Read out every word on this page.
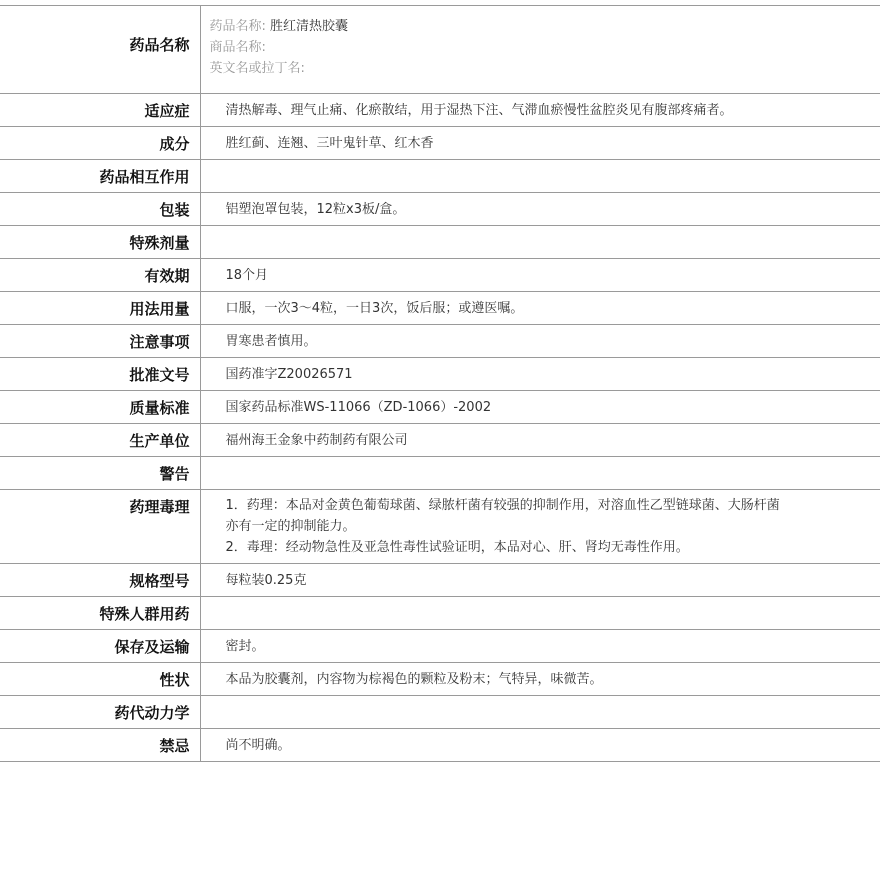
药品名称	药品名称: 胜红清热胶囊
商品名称:
英文名或拉丁名:

适应症	清热解毒、理气止痛、化瘀散结，用于湿热下注、气滞血瘀慢性盆腔炎见有腹部疼痛者。
成分	胜红蓟、连翘、三叶鬼针草、红木香
药品相互作用	
包装	铝塑泡罩包装，12粒x3板/盒。
特殊剂量	
有效期	18个月
用法用量	口服，一次3～4粒，一日3次，饭后服；或遵医嘱。
注意事项	胃寒患者慎用。
批准文号	国药准字Z20026571
质量标准	国家药品标准WS-11066（ZD-1066）-2002
生产单位	福州海王金象中药制药有限公司
警告	
药理毒理	1．药理：本品对金黄色葡萄球菌、绿脓杆菌有较强的抑制作用，对溶血性乙型链球菌、大肠杆菌亦有一定的抑制能力。
2．毒理：经动物急性及亚急性毒性试验证明，本品对心、肝、肾均无毒性作用。

规格型号	每粒装0.25克
特殊人群用药	
保存及运输	密封。
性状	本品为胶囊剂，内容物为棕褐色的颗粒及粉末；气特异，味微苦。
药代动力学	
禁忌	尚不明确。
